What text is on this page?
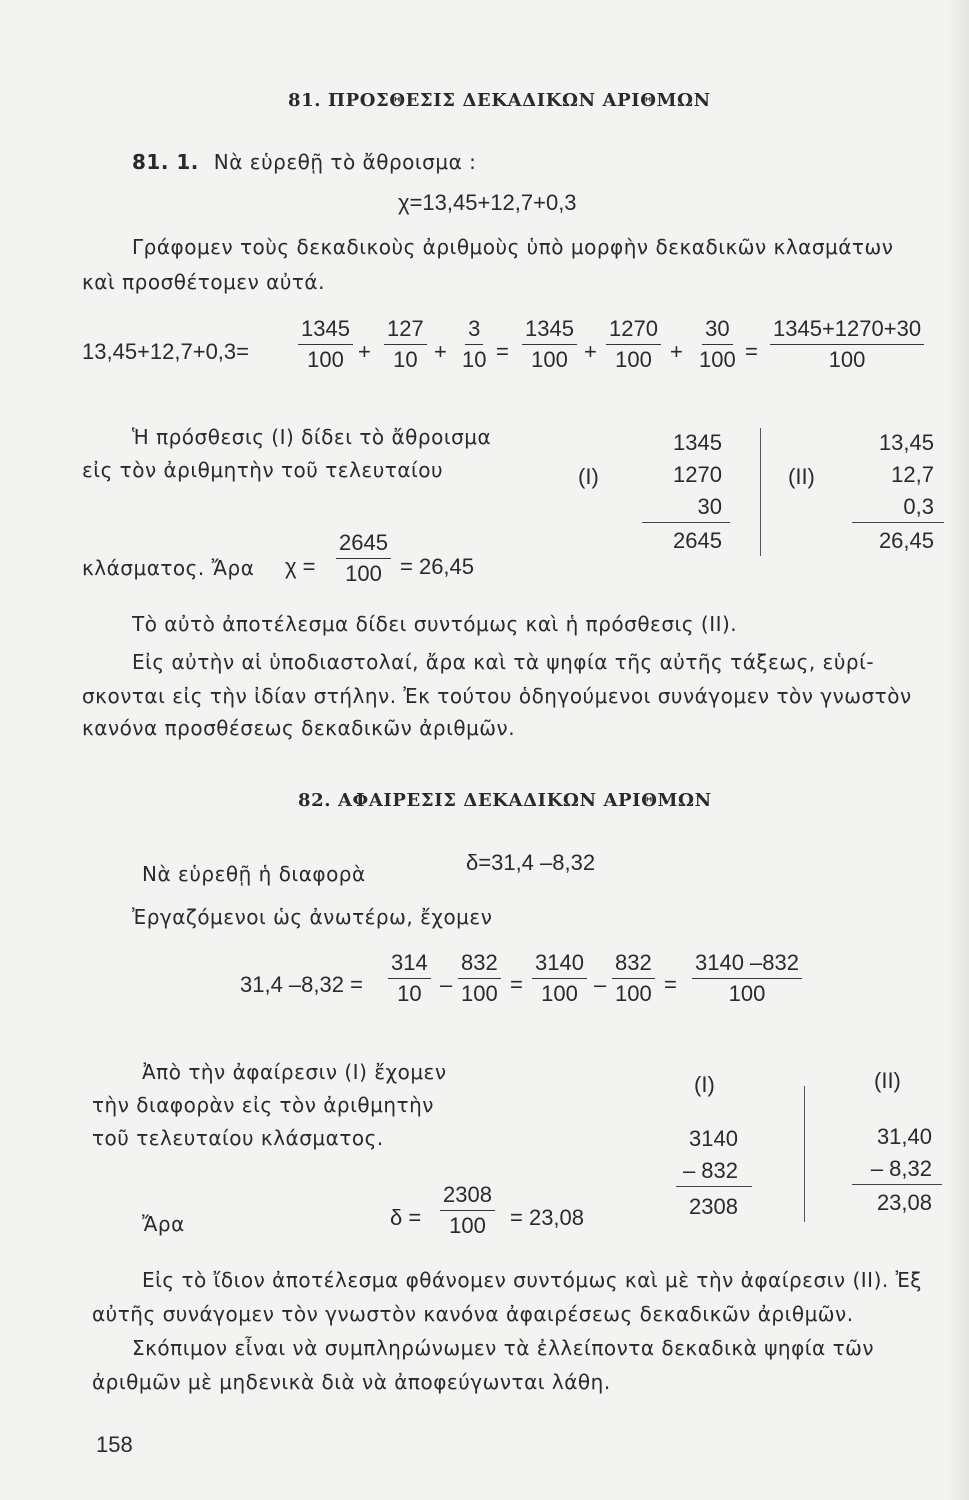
81. ΠΡΟΣΘΕΣΙΣ ΔΕΚΑΔΙΚΩΝ ΑΡΙΘΜΩΝ
81. 1. Νὰ εὑρεθῇ τὸ ἄθροισμα :
χ=13,45+12,7+0,3
Γράφομεν τοὺς δεκαδικοὺς ἀριθμοὺς ὑπὸ μορφὴν δεκαδικῶν κλασμάτων
καὶ προσθέτομεν αὐτά.
$13,45+12,7+0,3= \frac{1345}{100} + \frac{127}{10} + \frac{3}{10} = \frac{1345}{100} + \frac{1270}{100} + \frac{30}{100} = \frac{1345+1270+30}{100}$
Ἡ πρόσθεσις (Ι) δίδει τὸ ἄθροισμα
εἰς τὸν ἀριθμητὴν τοῦ τελευταίου
κλάσματος. Ἄρα $\chi = \frac{2645}{100} = 26,45$
(Ι)
1345
1270
30
2645
(ΙΙ)
13,45
12,7
0,3
26,45
Τὸ αὐτὸ ἀποτέλεσμα δίδει συντόμως καὶ ἡ πρόσθεσις (ΙΙ).
Εἰς αὐτὴν αἱ ὑποδιαστολαί, ἄρα καὶ τὰ ψηφία τῆς αὐτῆς τάξεως, εὑρί-
σκονται εἰς τὴν ἰδίαν στήλην. Ἐκ τούτου ὁδηγούμενοι συνάγομεν τὸν γνωστὸν
κανόνα προσθέσεως δεκαδικῶν ἀριθμῶν.
82. ΑΦΑΙΡΕΣΙΣ ΔΕΚΑΔΙΚΩΝ ΑΡΙΘΜΩΝ
Νὰ εὑρεθῇ ἡ διαφορὰ	δ=31,4 –8,32
Ἐργαζόμενοι ὡς ἀνωτέρω, ἔχομεν
31,4 $-8,32 = \frac{314}{10} - \frac{832}{100} = \frac{3140}{100} - \frac{832}{100} = \frac{3140 -832}{100}$
Ἀπὸ τὴν ἀφαίρεσιν (Ι) ἔχομεν
τὴν διαφορὰν εἰς τὸν ἀριθμητὴν
τοῦ τελευταίου κλάσματος.
Ἄρα	$\delta = \frac{2308}{100} = 23,08$
(Ι)
3140
– 832
2308
(ΙΙ)
31,40
– 8,32
23,08
Εἰς τὸ ἴδιον ἀποτέλεσμα φθάνομεν συντόμως καὶ μὲ τὴν ἀφαίρεσιν (ΙΙ). Ἐξ
αὐτῆς συνάγομεν τὸν γνωστὸν κανόνα ἀφαιρέσεως δεκαδικῶν ἀριθμῶν.
Σκόπιμον εἶναι νὰ συμπληρώνωμεν τὰ ἐλλείποντα δεκαδικὰ ψηφία τῶν
ἀριθμῶν μὲ μηδενικὰ διὰ νὰ ἀποφεύγωνται λάθη.
158
